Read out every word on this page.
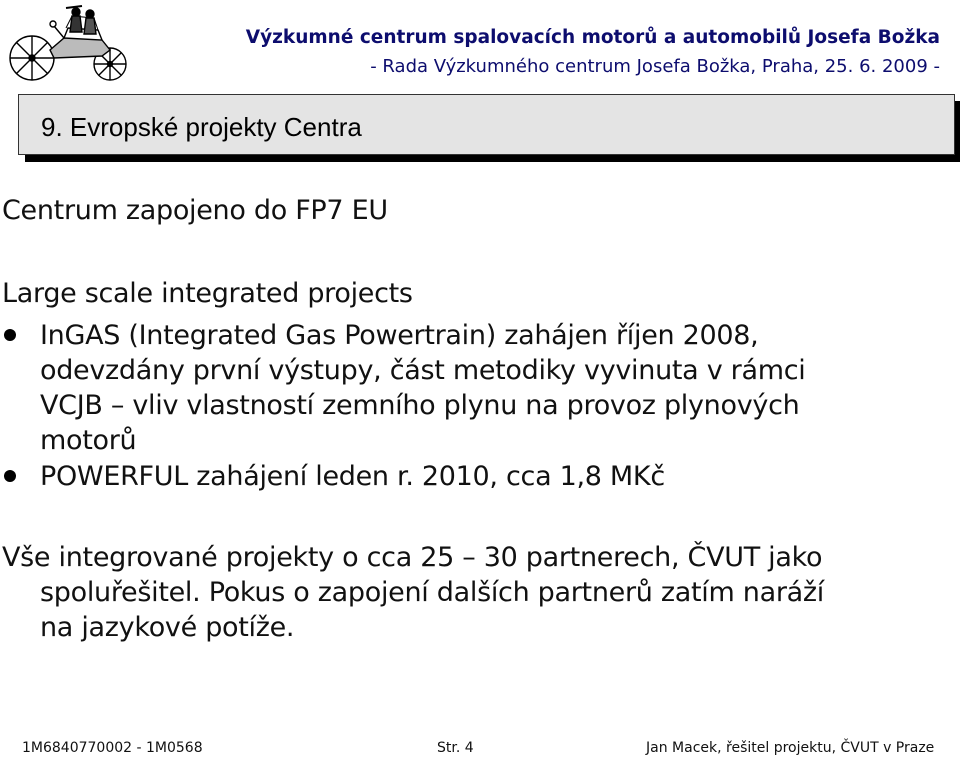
Výzkumné centrum spalovacích motorů a automobilů Josefa Božka
- Rada Výzkumného centrum Josefa Božka, Praha, 25. 6. 2009 -
9. Evropské projekty Centra
Centrum zapojeno do FP7 EU
Large scale integrated projects
InGAS (Integrated Gas Powertrain) zahájen říjen 2008,
odevzdány první výstupy, část metodiky vyvinuta v rámci
VCJB – vliv vlastností zemního plynu na provoz plynových
motorů
POWERFUL zahájení leden r. 2010, cca 1,8 MKč
Vše integrované projekty o cca 25 – 30 partnerech, ČVUT jako
spoluřešitel. Pokus o zapojení dalších partnerů zatím naráží
na jazykové potíže.
1M6840770002 - 1M0568	Str. 4	Jan Macek, řešitel projektu, ČVUT v Praze
